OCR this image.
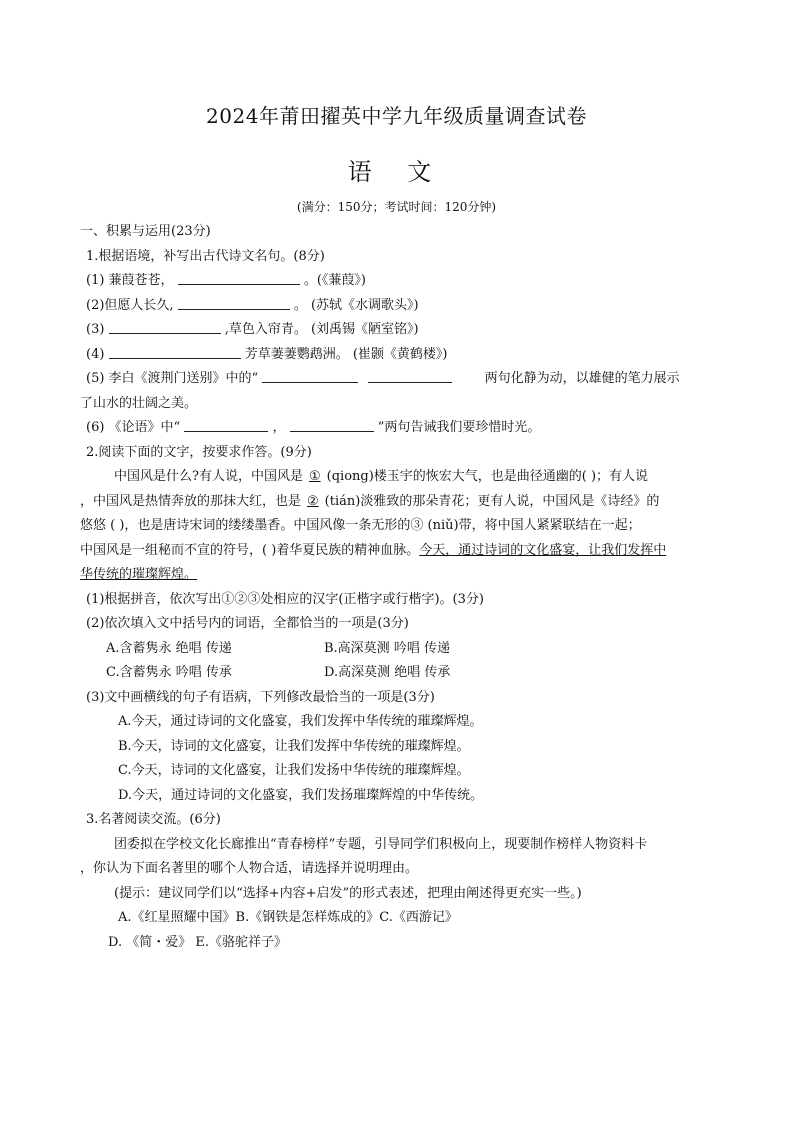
2024年莆田擢英中学九年级质量调查试卷
语 文
(满分：150分；考试时间：120分钟)
一、积累与运用(23分)
1.根据语境，补写出古代诗文名句。(8分)
(1) 蒹葭苍苍，	。(《蒹葭》)
(2)但愿人长久,	。 (苏轼《水调歌头》)
(3)	,草色入帘青。 (刘禹锡《陋室铭》)
(4)	芳草萋萋鹦鹉洲。 (崔颢《黄鹤楼》)
(5) 李白《渡荆门送别》中的“	两句化静为动，以雄健的笔力展示
了山水的壮阔之美。
(6) 《论语》中“	，	”两句告诫我们要珍惜时光。
2.阅读下面的文字，按要求作答。(9分)
中国风是什么?有人说，中国风是 ① (qiong)楼玉宇的恢宏大气，也是曲径通幽的( )；有人说
，中国风是热情奔放的那抹大红，也是 ② (tián)淡雅致的那朵青花；更有人说，中国风是《诗经》的
悠悠 ( )，也是唐诗宋词的缕缕墨香。中国风像一条无形的③ (niǔ)带，将中国人紧紧联结在一起；
中国风是一组秘而不宣的符号，( )着华夏民族的精神血脉。今天，通过诗词的文化盛宴，让我们发挥中
华传统的璀璨辉煌。
(1)根据拼音，依次写出①②③处相应的汉字(正楷字或行楷字)。(3分)
(2)依次填入文中括号内的词语，全都恰当的一项是(3分)
A.含蓄隽永 绝唱 传递	B.高深莫测 吟唱 传递
C.含蓄隽永 吟唱 传承	D.高深莫测 绝唱 传承
(3)文中画横线的句子有语病，下列修改最恰当的一项是(3分)
A.今天，通过诗词的文化盛宴，我们发挥中华传统的璀璨辉煌。
B.今天，诗词的文化盛宴，让我们发挥中华传统的璀璨辉煌。
C.今天，诗词的文化盛宴，让我们发扬中华传统的璀璨辉煌。
D.今天，通过诗词的文化盛宴，我们发扬璀璨辉煌的中华传统。
3.名著阅读交流。(6分)
团委拟在学校文化长廊推出“青春榜样”专题，引导同学们积极向上，现要制作榜样人物资料卡
，你认为下面名著里的哪个人物合适，请选择并说明理由。
(提示：建议同学们以“选择+内容+启发”的形式表述，把理由阐述得更充实一些。)
A.《红星照耀中国》B.《钢铁是怎样炼成的》C.《西游记》
D. 《简・爱》 E.《骆驼祥子》
